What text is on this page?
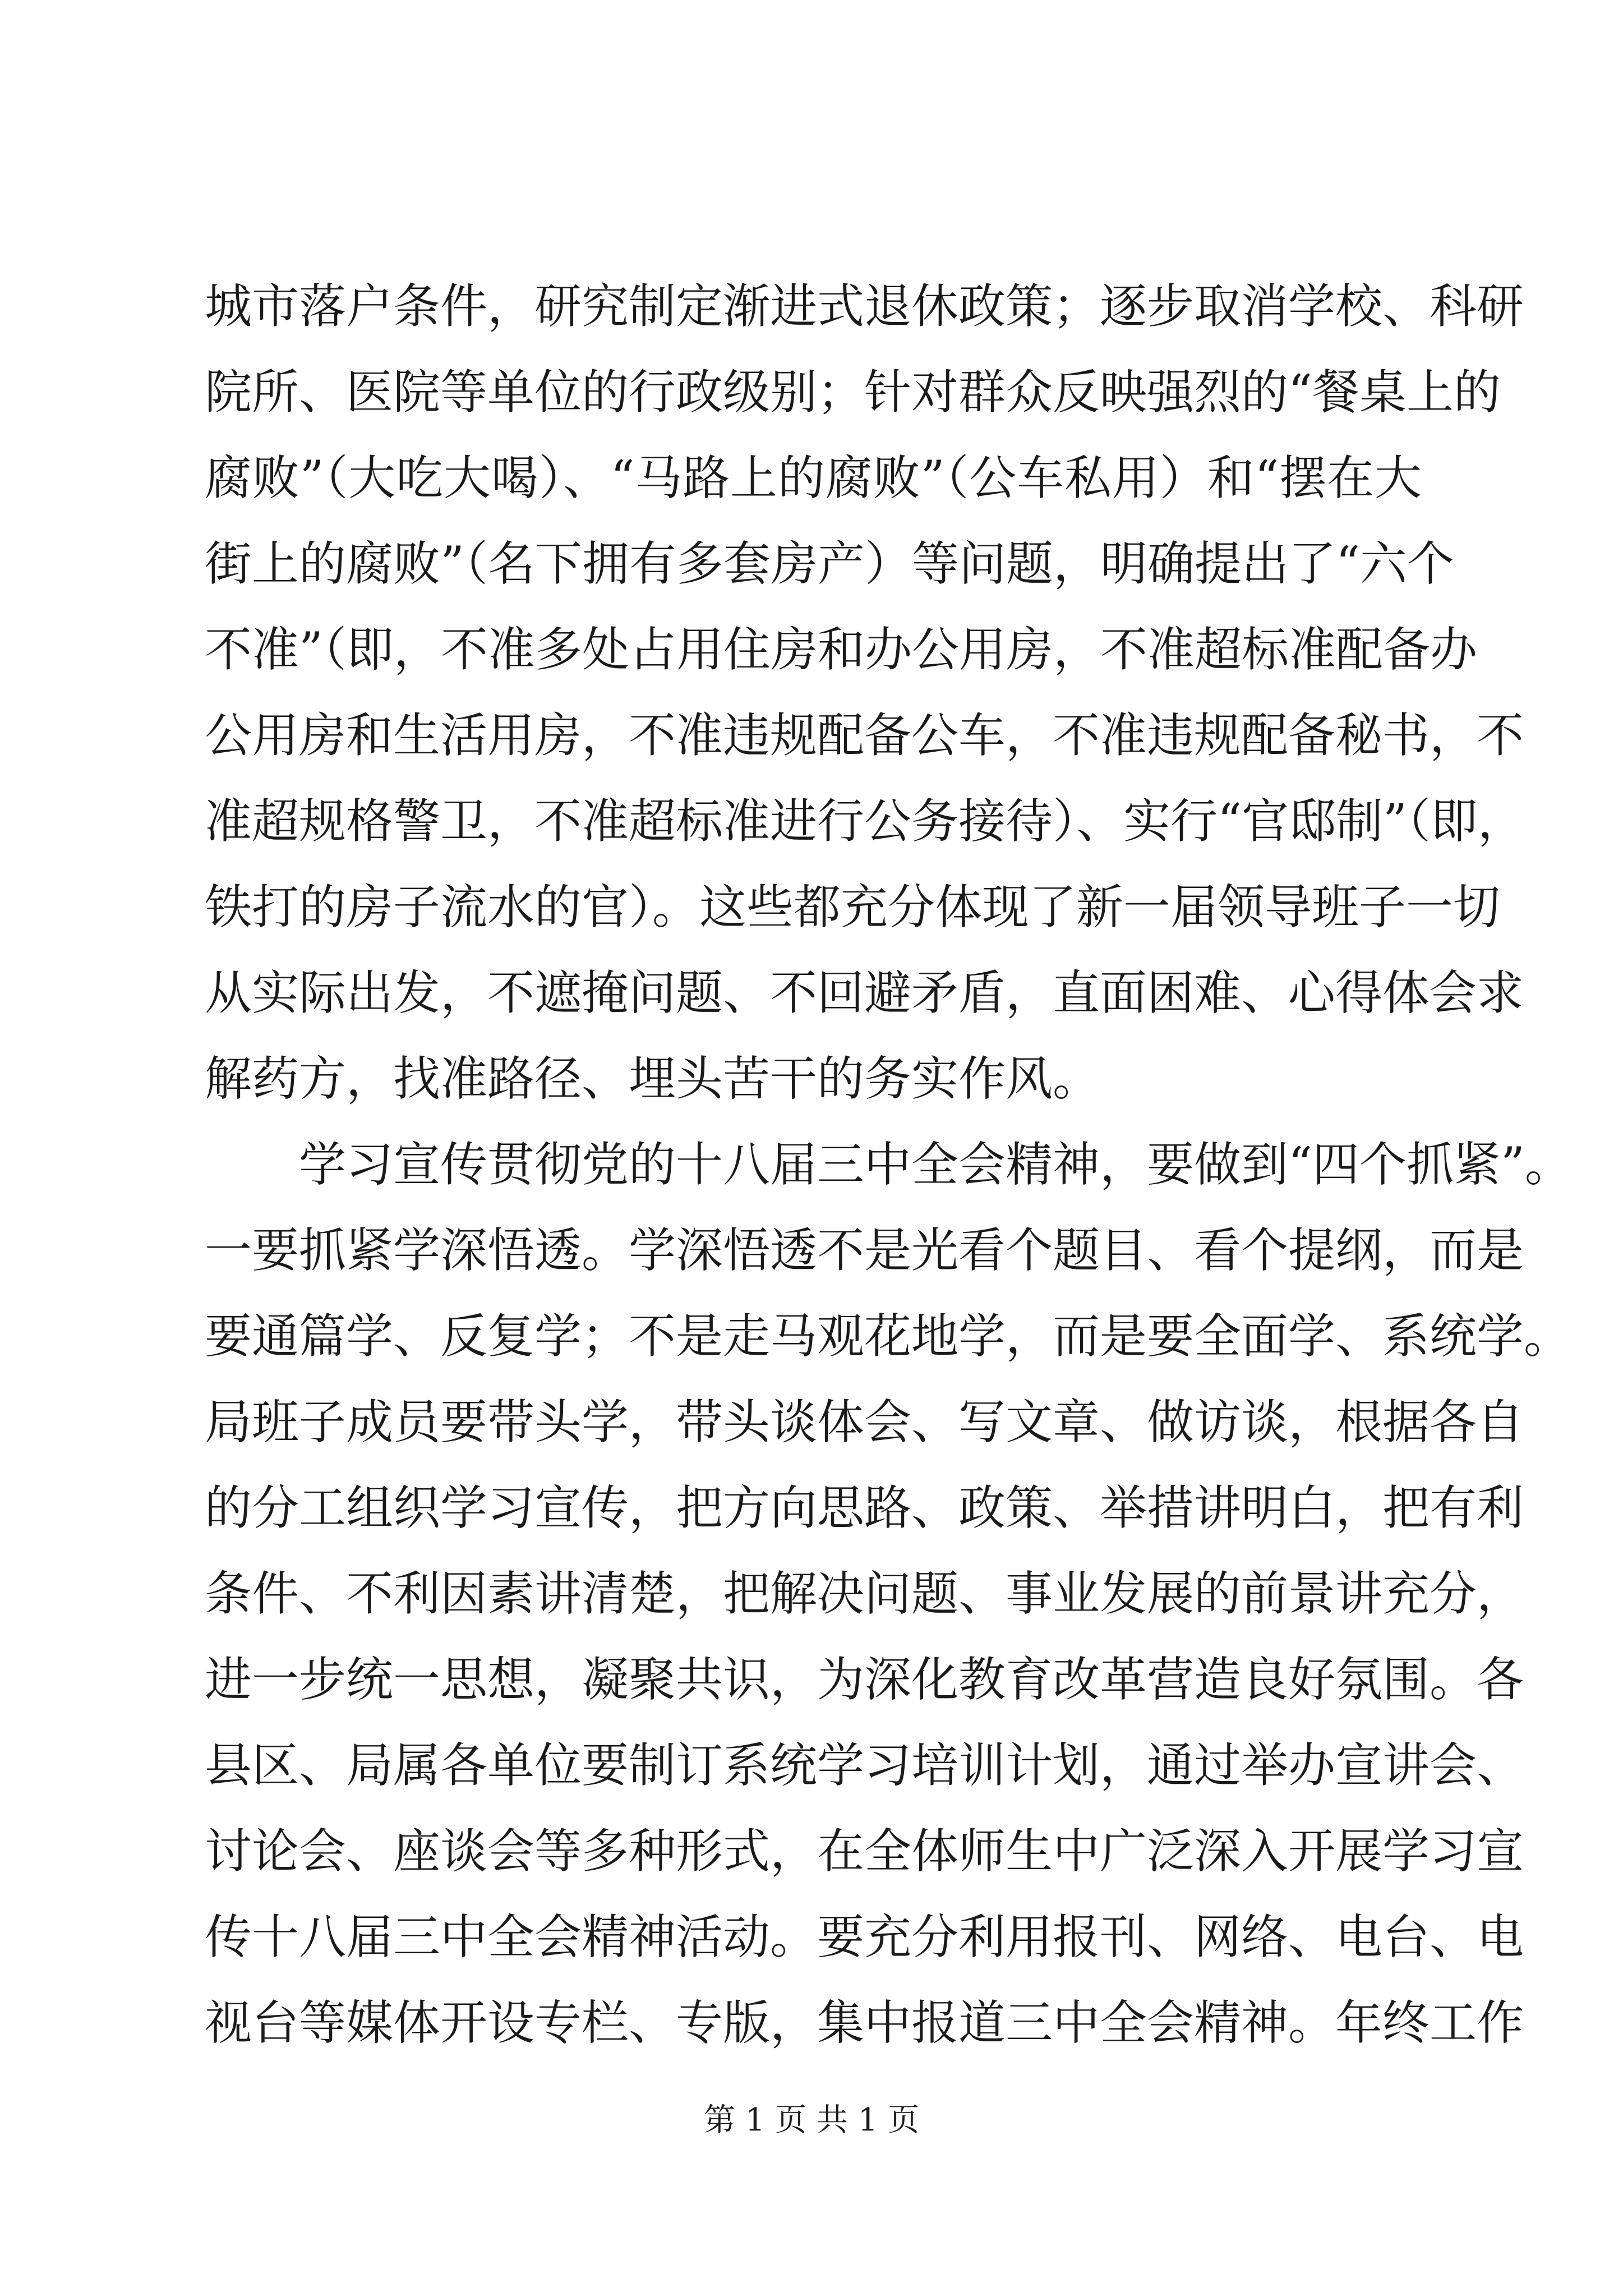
城市落户条件，研究制定渐进式退休政策；逐步取消学校、科研
院所、医院等单位的行政级别；针对群众反映强烈的“餐桌上的
腐败”（大吃大喝）、“马路上的腐败”（公车私用）和“摆在大
街上的腐败”（名下拥有多套房产）等问题，明确提出了“六个
不准”（即，不准多处占用住房和办公用房，不准超标准配备办
公用房和生活用房，不准违规配备公车，不准违规配备秘书，不
准超规格警卫，不准超标准进行公务接待）、实行“官邸制”（即，
铁打的房子流水的官）。这些都充分体现了新一届领导班子一切
从实际出发，不遮掩问题、不回避矛盾，直面困难、心得体会求
解药方，找准路径、埋头苦干的务实作风。
学习宣传贯彻党的十八届三中全会精神，要做到“四个抓紧”。
一要抓紧学深悟透。学深悟透不是光看个题目、看个提纲，而是
要通篇学、反复学；不是走马观花地学，而是要全面学、系统学。
局班子成员要带头学，带头谈体会、写文章、做访谈，根据各自
的分工组织学习宣传，把方向思路、政策、举措讲明白，把有利
条件、不利因素讲清楚，把解决问题、事业发展的前景讲充分，
进一步统一思想，凝聚共识，为深化教育改革营造良好氛围。各
县区、局属各单位要制订系统学习培训计划，通过举办宣讲会、
讨论会、座谈会等多种形式，在全体师生中广泛深入开展学习宣
传十八届三中全会精神活动。要充分利用报刊、网络、电台、电
视台等媒体开设专栏、专版，集中报道三中全会精神。年终工作
第 1 页 共 1 页
